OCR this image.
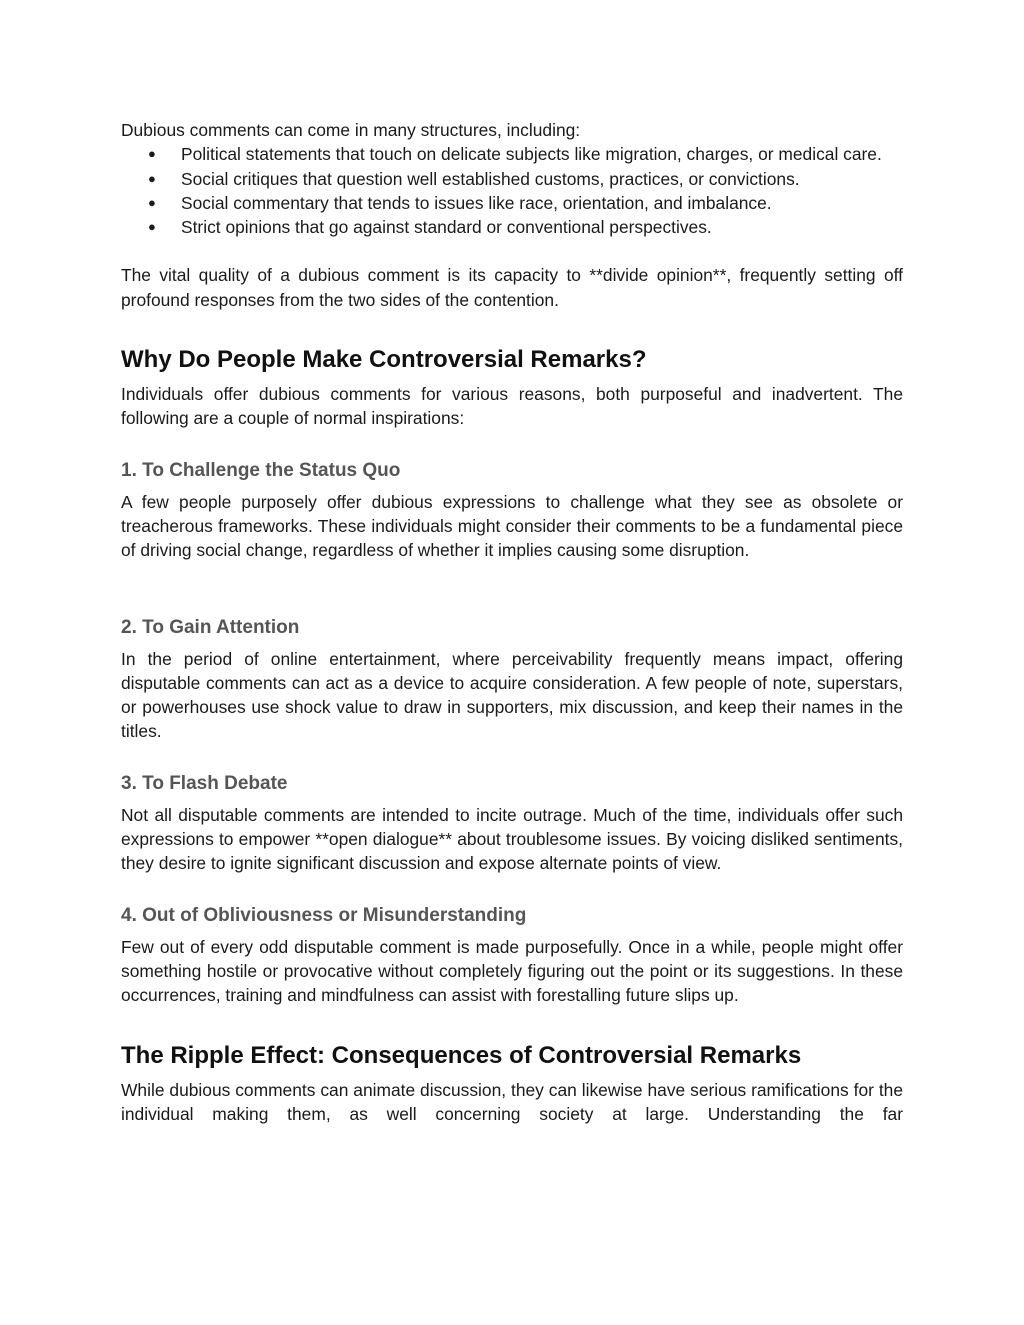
Dubious comments can come in many structures, including:

● Political statements that touch on delicate subjects like migration, charges, or medical care.
● Social critiques that question well established customs, practices, or convictions.
● Social commentary that tends to issues like race, orientation, and imbalance.
● Strict opinions that go against standard or conventional perspectives.

The vital quality of a dubious comment is its capacity to **divide opinion**, frequently setting off profound responses from the two sides of the contention.

Why Do People Make Controversial Remarks?

Individuals offer dubious comments for various reasons, both purposeful and inadvertent. The following are a couple of normal inspirations:

1. To Challenge the Status Quo

A few people purposely offer dubious expressions to challenge what they see as obsolete or treacherous frameworks. These individuals might consider their comments to be a fundamental piece of driving social change, regardless of whether it implies causing some disruption.

2. To Gain Attention

In the period of online entertainment, where perceivability frequently means impact, offering disputable comments can act as a device to acquire consideration. A few people of note, superstars, or powerhouses use shock value to draw in supporters, mix discussion, and keep their names in the titles.

3. To Flash Debate

Not all disputable comments are intended to incite outrage. Much of the time, individuals offer such expressions to empower **open dialogue** about troublesome issues. By voicing disliked sentiments, they desire to ignite significant discussion and expose alternate points of view.

4. Out of Obliviousness or Misunderstanding

Few out of every odd disputable comment is made purposefully. Once in a while, people might offer something hostile or provocative without completely figuring out the point or its suggestions. In these occurrences, training and mindfulness can assist with forestalling future slips up.

The Ripple Effect: Consequences of Controversial Remarks

While dubious comments can animate discussion, they can likewise have serious ramifications for the individual making them, as well concerning society at large. Understanding the far
